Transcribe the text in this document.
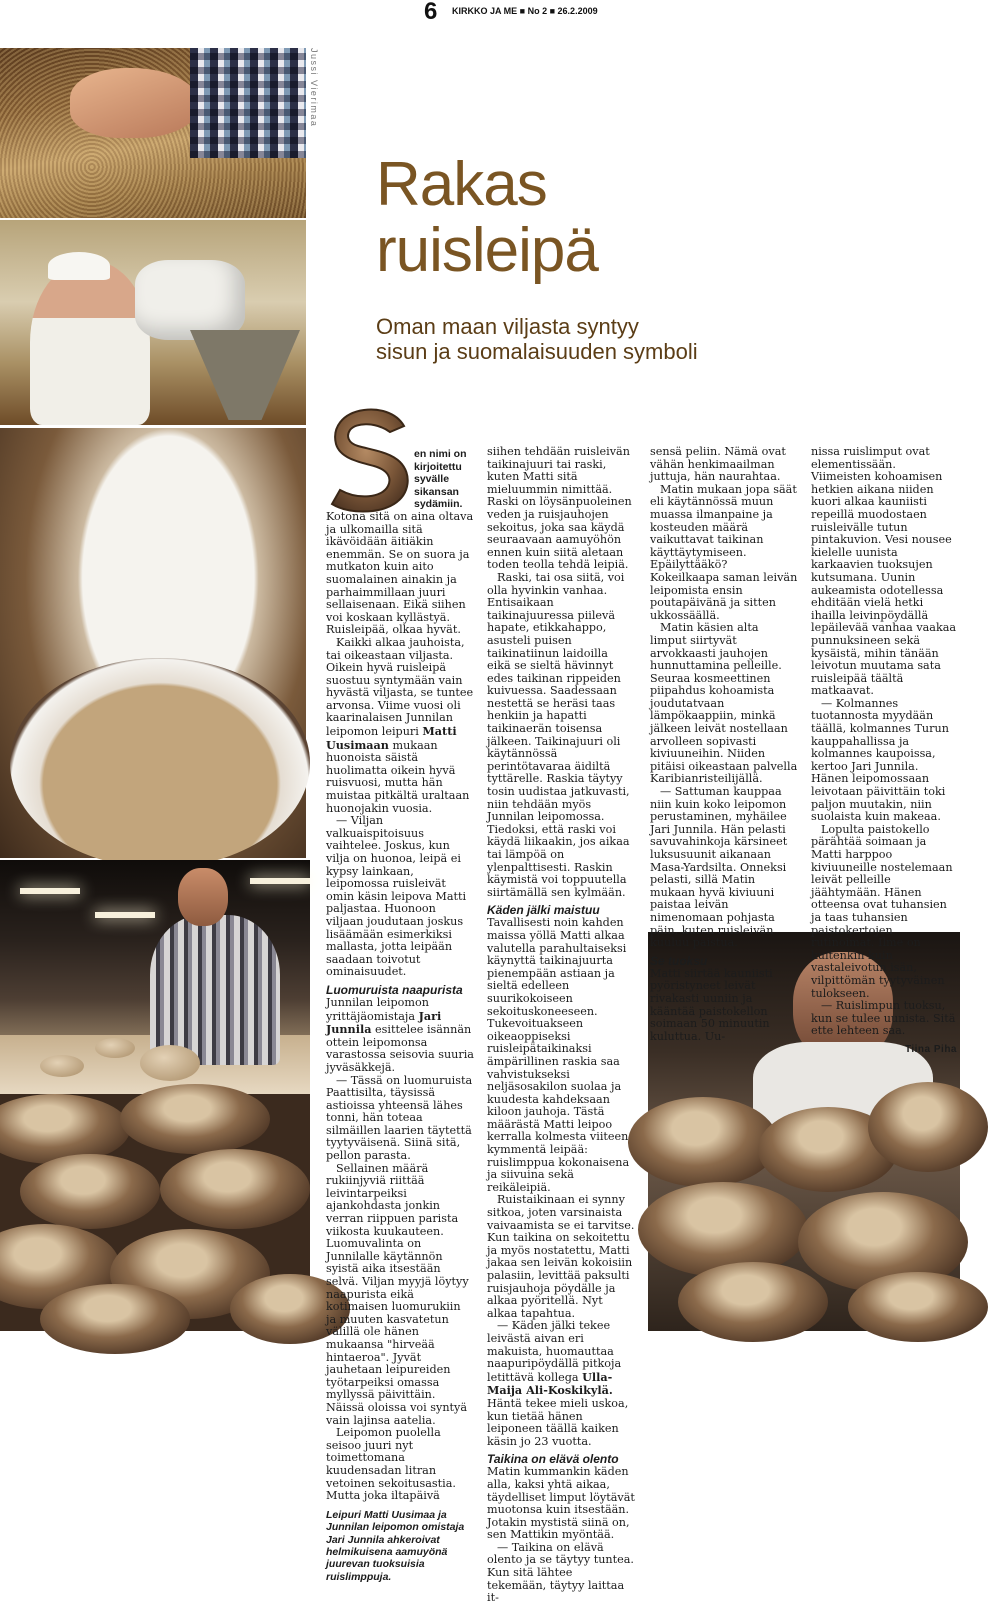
6	KIRKKO JA ME ■ No 2 ■ 26.2.2009
Jussi Vierimaa
Rakas
ruisleipä
Oman maan viljasta syntyy
sisun ja suomalaisuuden symboli
en nimi on kirjoitettu syvälle sikansan sydämiin.

Kotona sitä on aina oltava ja ulkomailla sitä ikävöidään äitiäkin enemmän. Se on suora ja mutkaton kuin aito suomalainen ainakin ja parhaimmillaan juuri sellaisenaan. Eikä siihen voi koskaan kyllästyä. Ruisleipää, olkaa hyvät.

Kaikki alkaa jauhoista, tai oikeastaan viljasta. Oikein hyvä ruisleipä suostuu syntymään vain hyvästä viljasta, se tuntee arvonsa. Viime vuosi oli kaarinalaisen Junnilan leipomon leipuri Matti Uusimaan mukaan huonoista säistä huolimatta oikein hyvä ruisvuosi, mutta hän muistaa pitkältä uraltaan huonojakin vuosia.

— Viljan valkuaispitoisuus vaihtelee. Joskus, kun vilja on huonoa, leipä ei kypsy lainkaan, leipomossa ruisleivät omin käsin leipova Matti paljastaa. Huonoon viljaan joudutaan joskus lisäämään esimerkiksi mallasta, jotta leipään saadaan toivotut ominaisuudet.

Luomuruista naapurista

Junnilan leipomon yrittäjäomistaja Jari Junnila esittelee isännän ottein leipomonsa varastossa seisovia suuria jyväsäkkejä.

— Tässä on luomuruista Paattisilta, täysissä astioissa yhteensä lähes tonni, hän toteaa silmäillen laarien täytettä tyytyväisenä. Siinä sitä, pellon parasta.

Sellainen määrä rukiinjyviä riittää leivintarpeiksi ajankohdasta jonkin verran riippuen parista viikosta kuukauteen. Luomuvalinta on Junnilalle käytännön syistä aika itsestään selvä. Viljan myyjä löytyy naapurista eikä kotimaisen luomurukiin ja muuten kasvatetun välillä ole hänen mukaansa "hirveää hintaeroa". Jyvät jauhetaan leipureiden työtarpeiksi omassa myllyssä päivittäin. Näissä oloissa voi syntyä vain lajinsa aatelia.

Leipomon puolella seisoo juuri nyt toimettomana kuudensadan litran vetoinen sekoitusastia. Mutta joka iltapäivä

Leipuri Matti Uusimaa ja Junnilan leipomon omistaja Jari Junnila ahkeroivat helmikuisena aamuyönä juurevan tuoksuisia ruislimppuja.

siihen tehdään ruisleivän taikinajuuri tai raski, kuten Matti sitä mieluummin nimittää. Raski on löysänpuoleinen veden ja ruisjauhojen sekoitus, joka saa käydä seuraavaan aamuyöhön ennen kuin siitä aletaan toden teolla tehdä leipiä.

Raski, tai osa siitä, voi olla hyvinkin vanhaa. Entisaikaan taikinajuuressa piilevä hapate, etikkahappo, asusteli puisen taikinatiinun laidoilla eikä se sieltä hävinnyt edes taikinan rippeiden kuivuessa. Saadessaan nestettä se heräsi taas henkiin ja hapatti taikinaerän toisensa jälkeen. Taikinajuuri oli käytännössä perintötavaraa äidiltä tyttärelle. Raskia täytyy tosin uudistaa jatkuvasti, niin tehdään myös Junnilan leipomossa. Tiedoksi, että raski voi käydä liikaakin, jos aikaa tai lämpöä on ylenpalttisesti. Raskin käymistä voi toppuutella siirtämällä sen kylmään.

Käden jälki maistuu

Tavallisesti noin kahden maissa yöllä Matti alkaa valutella parahultaiseksi käynyttä taikinajuurta pienempään astiaan ja sieltä edelleen suurikokoiseen sekoituskoneeseen. Tukevoituakseen oikeaoppiseksi ruisleipätaikinaksi ämpärillinen raskia saa vahvistukseksi neljäsosakilon suolaa ja kuudesta kahdeksaan kiloon jauhoja. Tästä määrästä Matti leipoo kerralla kolmesta viiteen kymmentä leipää: ruislimppua kokonaisena ja siivuina sekä reikäleipiä.

Ruistaikinaan ei synny sitkoa, joten varsinaista vaivaamista se ei tarvitse. Kun taikina on sekoitettu ja myös nostatettu, Matti jakaa sen leivän kokoisiin palasiin, levittää paksulti ruisjauhoja pöydälle ja alkaa pyöritellä. Nyt alkaa tapahtua.

— Käden jälki tekee leivästä aivan eri makuista, huomauttaa naapuripöydällä pitkoja letittävä kollega Ulla-Maija Ali-Koskikylä. Häntä tekee mieli uskoa, kun tietää hänen leiponeen täällä kaiken käsin jo 23 vuotta.

Taikina on elävä olento

Matin kummankin käden alla, kaksi yhtä aikaa, täydelliset limput löytävät muotonsa kuin itsestään. Jotakin mystistä siinä on, sen Mattikin myöntää.

— Taikina on elävä olento ja se täytyy tuntea. Kun sitä lähtee tekemään, täytyy laittaa it-

sensä peliin. Nämä ovat vähän henkimaailman juttuja, hän naurahtaa.

Matin mukaan jopa säät eli käytännössä muun muassa ilmanpaine ja kosteuden määrä vaikuttavat taikinan käyttäytymiseen. Epäilyttääkö? Kokeilkaapa saman leivän leipomista ensin poutapäivänä ja sitten ukkossäällä.

Matin käsien alta limput siirtyvät arvokkaasti jauhojen hunnuttamina pelleille. Seuraa kosmeettinen piipahdus kohoamista joudutatvaan lämpökaappiin, minkä jälkeen leivät nostellaan arvolleen sopivasti kiviuuneihin. Niiden pitäisi oikeastaan palvella Karibianristeilijällä.

— Sattuman kauppaa niin kuin koko leipomon perustaminen, myhäilee Jari Junnila. Hän pelasti savuvahinkoja kärsineet luksusuunit aikanaan Masa-Yardsilta. Onneksi pelasti, sillä Matin mukaan hyvä kiviuuni paistaa leivän nimenomaan pohjasta päin, kuten ruisleivän kuuluu paistua.

Se tuoksu

Matti siirtää kauniisti pyöristyneet leivät rivakasti uuniin ja kääntää paistokellon soimaan 50 minuutin kuluttua. Uu-

nissa ruislimput ovat elementissään. Viimeisten kohoamisen hetkien aikana niiden kuori alkaa kauniisti repeillä muodostaen ruisleivälle tutun pintakuvion. Vesi nousee kielelle uunista karkaavien tuoksujen kutsumana. Uunin aukeamista odotellessa ehditään vielä hetki ihailla leivinpöydällä lepäilevää vanhaa vaakaa punnuksineen sekä kysäistä, mihin tänään leivotun muutama sata ruisleipää täältä matkaavat.

— Kolmannes tuotannosta myydään täällä, kolmannes Turun kauppahallissa ja kolmannes kaupoissa, kertoo Jari Junnila. Hänen leipomossaan leivotaan päivittäin toki paljon muutakin, niin suolaista kuin makeaa.

Lopulta paistokello pärähtää soimaan ja Matti harppoo kiviuuneille nostelemaan leivät pelleille jäähtymään. Hänen otteensa ovat tuhansien ja taas tuhansien paistokertojen rutinoimat. Ilme on kuitenkin kuin vastaleivotun isän, vilpittömän tyytyväinen tulokseen.

— Ruislimpun tuoksu, kun se tulee uunista. Sitä ette lehteen saa.

Tiina Piha
